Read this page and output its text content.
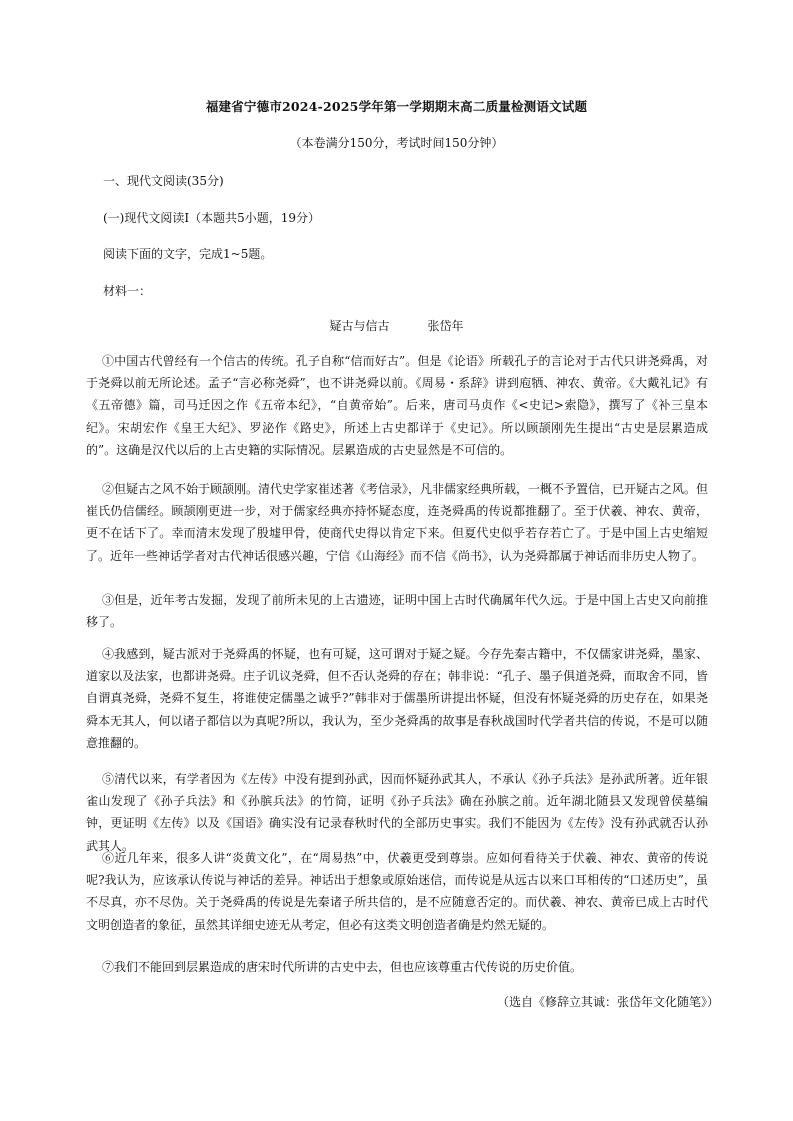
福建省宁德市2024-2025学年第一学期期末高二质量检测语文试题
（本卷满分150分，考试时间150分钟）
一、现代文阅读(35分)
(一)现代文阅读Ⅰ（本题共5小题，19分）
阅读下面的文字，完成1~5题。
材料一：
疑古与信古	张岱年

①中国古代曾经有一个信古的传统。孔子自称“信而好古”。但是《论语》所载孔子的言论对于古代只讲尧舜禹，对于尧舜以前无所论述。孟子“言必称尧舜”，也不讲尧舜以前。《周易・系辞》讲到庖牺、神农、黄帝。《大戴礼记》有《五帝德》篇，司马迁因之作《五帝本纪》，“自黄帝始”。后来，唐司马贞作《<史记>索隐》，撰写了《补三皇本纪》。宋胡宏作《皇王大纪》、罗泌作《路史》，所述上古史都详于《史记》。所以顾颉刚先生提出“古史是层累造成的”。这确是汉代以后的上古史籍的实际情况。层累造成的古史显然是不可信的。

②但疑古之风不始于顾颉刚。清代史学家崔述著《考信录》，凡非儒家经典所载，一概不予置信，已开疑古之风。但崔氏仍信儒经。顾颉刚更进一步，对于儒家经典亦持怀疑态度，连尧舜禹的传说都推翻了。至于伏羲、神农、黄帝，更不在话下了。幸而清末发现了殷墟甲骨，使商代史得以肯定下来。但夏代史似乎若存若亡了。于是中国上古史缩短了。近年一些神话学者对古代神话很感兴趣，宁信《山海经》而不信《尚书》，认为尧舜都属于神话而非历史人物了。

③但是，近年考古发掘，发现了前所未见的上古遗迹，证明中国上古时代确属年代久远。于是中国上古史又向前推移了。

④我感到，疑古派对于尧舜禹的怀疑，也有可疑，这可谓对于疑之疑。今存先秦古籍中，不仅儒家讲尧舜，墨家、道家以及法家，也都讲尧舜。庄子讥议尧舜，但不否认尧舜的存在；韩非说：“孔子、墨子俱道尧舜，而取舍不同，皆自谓真尧舜，尧舜不复生，将谁使定儒墨之诚乎?”韩非对于儒墨所讲提出怀疑，但没有怀疑尧舜的历史存在，如果尧舜本无其人，何以诸子都信以为真呢?所以，我认为，至少尧舜禹的故事是春秋战国时代学者共信的传说，不是可以随意推翻的。

⑤清代以来，有学者因为《左传》中没有提到孙武，因而怀疑孙武其人，不承认《孙子兵法》是孙武所著。近年银雀山发现了《孙子兵法》和《孙膑兵法》的竹简，证明《孙子兵法》确在孙膑之前。近年湖北随县又发现曾侯墓编钟，更证明《左传》以及《国语》确实没有记录春秋时代的全部历史事实。我们不能因为《左传》没有孙武就否认孙武其人。

⑥近几年来，很多人讲“炎黄文化”，在“周易热”中，伏羲更受到尊崇。应如何看待关于伏羲、神农、黄帝的传说呢?我认为，应该承认传说与神话的差异。神话出于想象或原始迷信，而传说是从远古以来口耳相传的“口述历史”，虽不尽真，亦不尽伪。关于尧舜禹的传说是先秦诸子所共信的，是不应随意否定的。而伏羲、神农、黄帝已成上古时代文明创造者的象征，虽然其详细史迹无从考定，但必有这类文明创造者确是灼然无疑的。

⑦我们不能回到层累造成的唐宋时代所讲的古史中去，但也应该尊重古代传说的历史价值。

（选自《修辞立其诚：张岱年文化随笔》）
